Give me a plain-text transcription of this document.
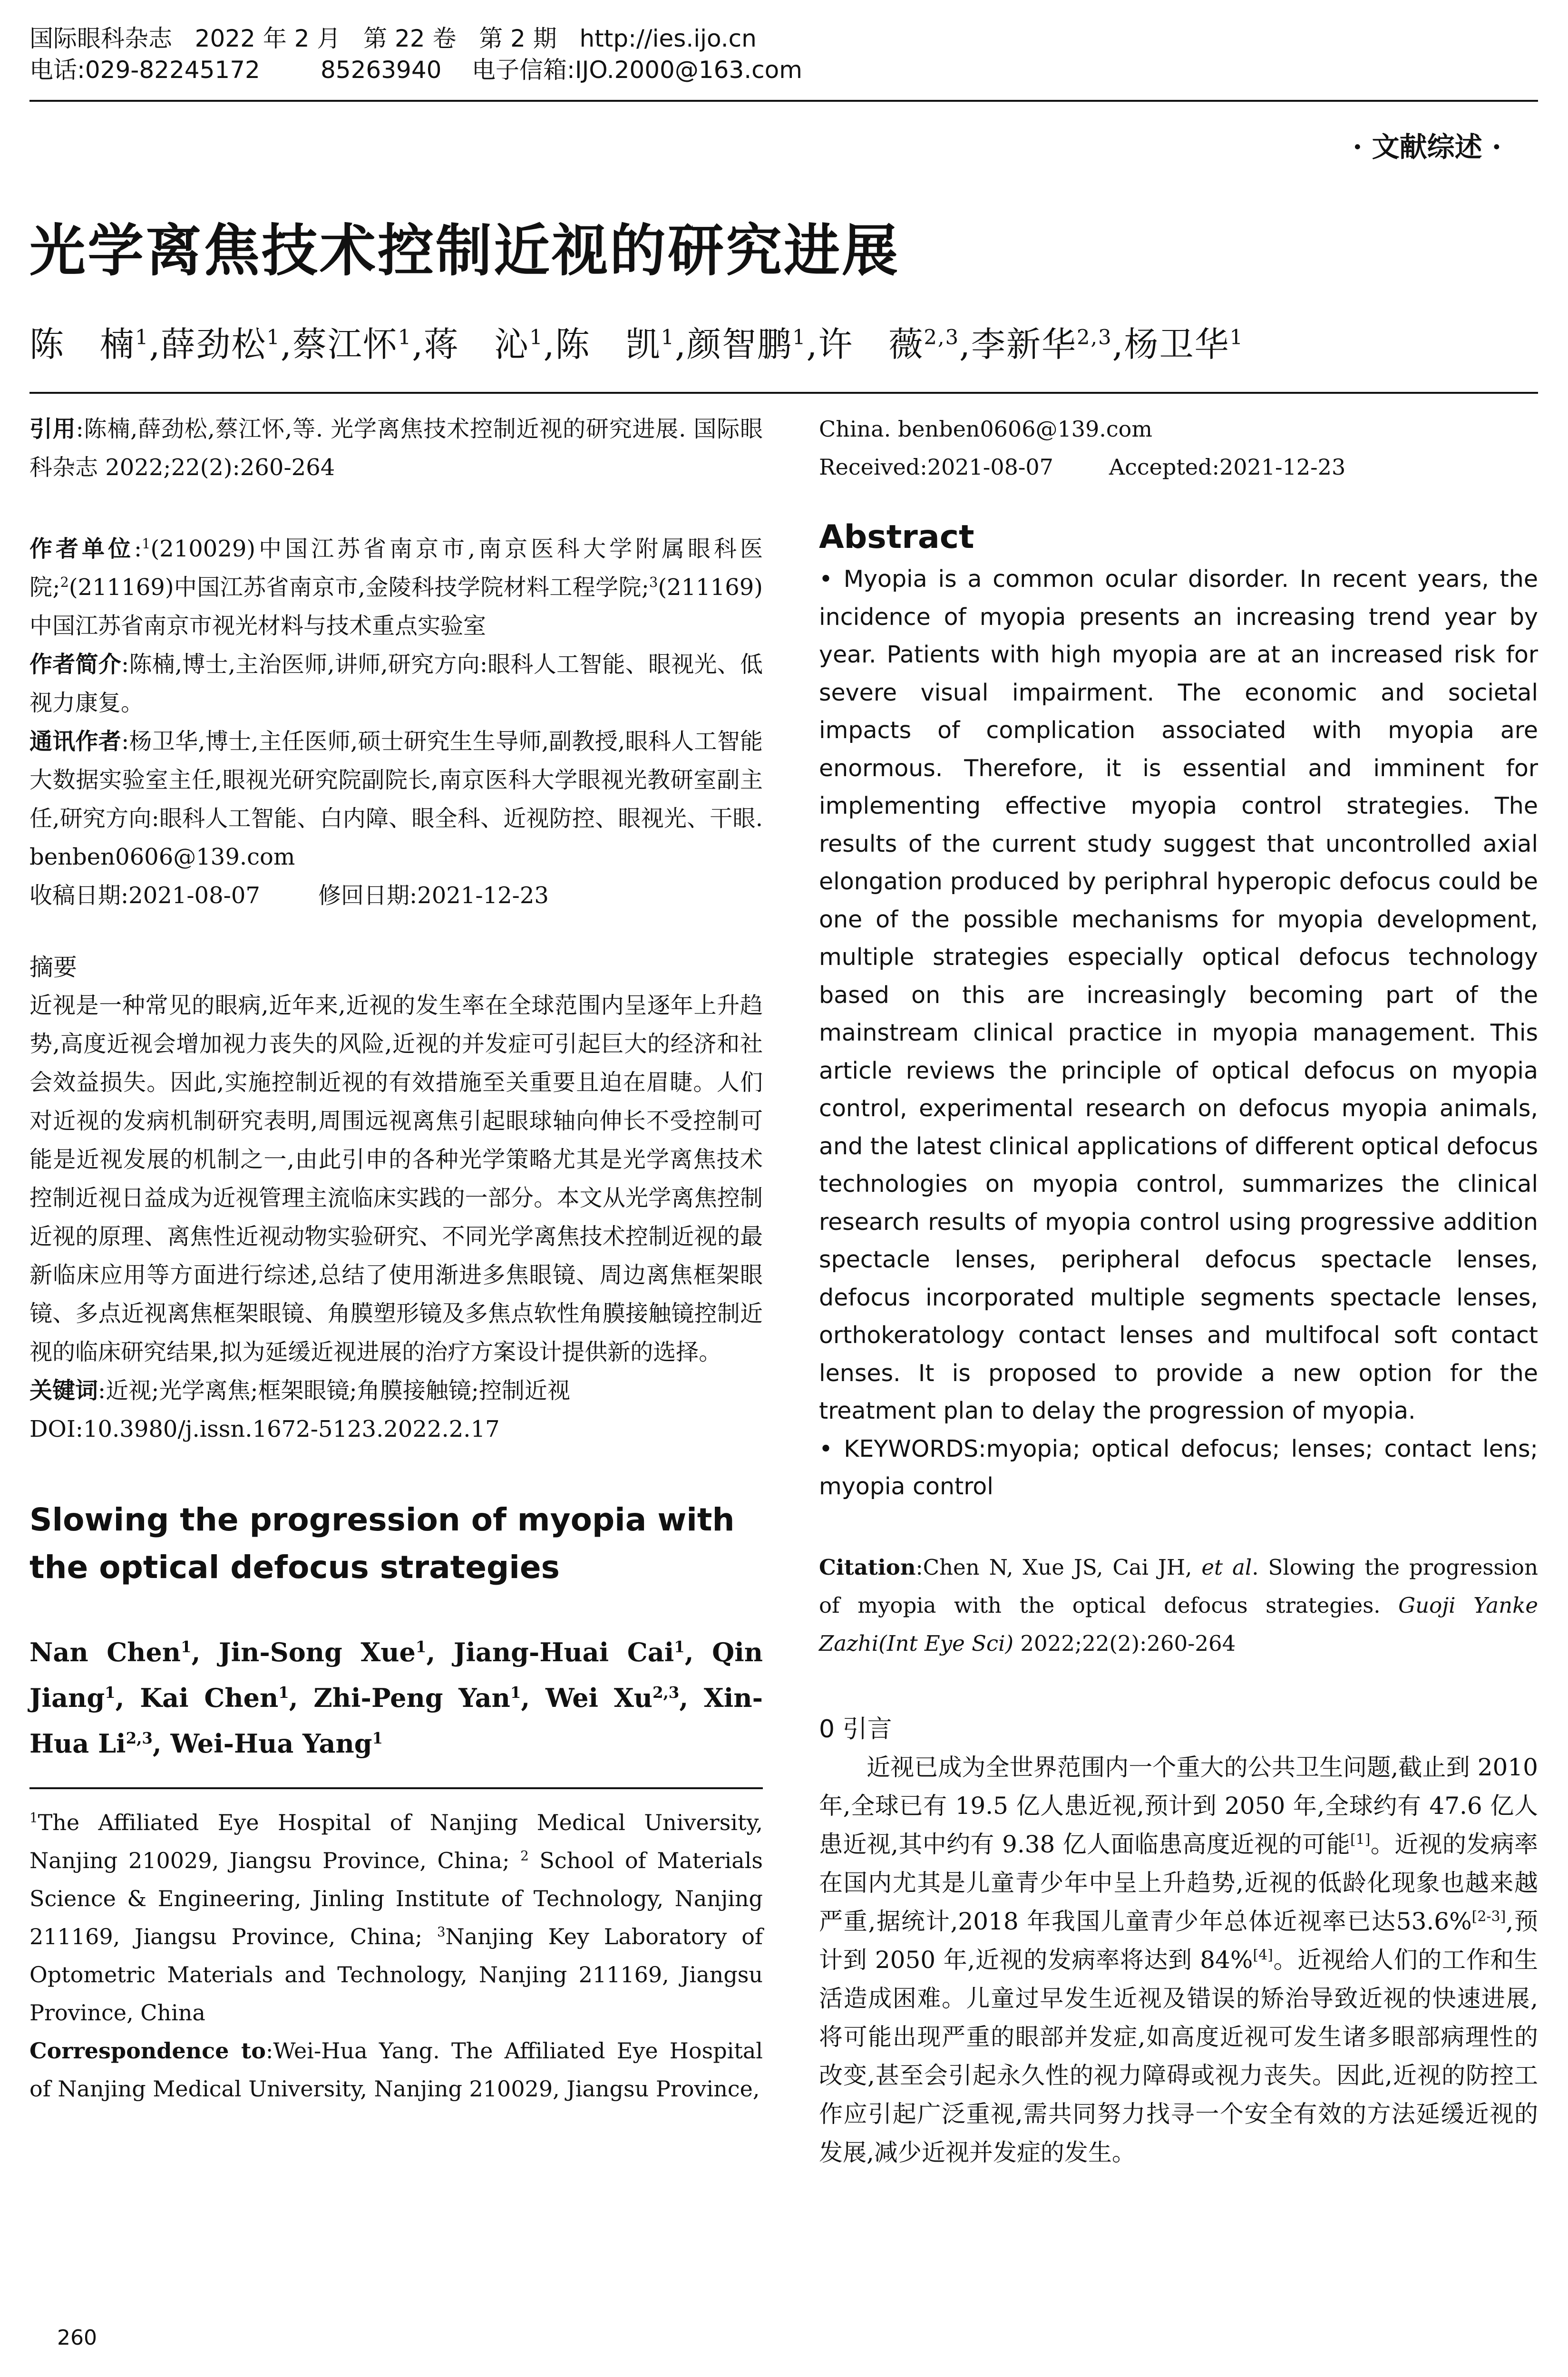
国际眼科杂志   2022 年 2 月   第 22 卷   第 2 期   http://ies.ijo.cn
电话:029-82245172        85263940    电子信箱:IJO.2000@163.com
· 文献综述 ·
光学离焦技术控制近视的研究进展
陈　楠$^1$,薛劲松$^1$,蔡江怀$^1$,蒋　沁$^1$,陈　凯$^1$,颜智鹏$^1$,许　薇$^{2,3}$,李新华$^{2,3}$,杨卫华$^1$
引用:陈楠,薛劲松,蔡江怀,等. 光学离焦技术控制近视的研究进展. 国际眼科杂志 2022;22(2):260-264
作者单位:$^1$(210029)中国江苏省南京市,南京医科大学附属眼科医院;$^2$(211169)中国江苏省南京市,金陵科技学院材料工程学院;$^3$(211169)中国江苏省南京市视光材料与技术重点实验室
作者简介:陈楠,博士,主治医师,讲师,研究方向:眼科人工智能、眼视光、低视力康复。
通讯作者:杨卫华,博士,主任医师,硕士研究生生导师,副教授,眼科人工智能大数据实验室主任,眼视光研究院副院长,南京医科大学眼视光教研室副主任,研究方向:眼科人工智能、白内障、眼全科、近视防控、眼视光、干眼. benben0606@139.com
收稿日期:2021-08-07	修回日期:2021-12-23
摘要
近视是一种常见的眼病,近年来,近视的发生率在全球范围内呈逐年上升趋势,高度近视会增加视力丧失的风险,近视的并发症可引起巨大的经济和社会效益损失。因此,实施控制近视的有效措施至关重要且迫在眉睫。人们对近视的发病机制研究表明,周围远视离焦引起眼球轴向伸长不受控制可能是近视发展的机制之一,由此引申的各种光学策略尤其是光学离焦技术控制近视日益成为近视管理主流临床实践的一部分。本文从光学离焦控制近视的原理、离焦性近视动物实验研究、不同光学离焦技术控制近视的最新临床应用等方面进行综述,总结了使用渐进多焦眼镜、周边离焦框架眼镜、多点近视离焦框架眼镜、角膜塑形镜及多焦点软性角膜接触镜控制近视的临床研究结果,拟为延缓近视进展的治疗方案设计提供新的选择。
关键词:近视;光学离焦;框架眼镜;角膜接触镜;控制近视
DOI:10.3980/j.issn.1672-5123.2022.2.17
Slowing the progression of myopia with the optical defocus strategies
Nan Chen$^1$, Jin-Song Xue$^1$, Jiang-Huai Cai$^1$, Qin Jiang$^1$, Kai Chen$^1$, Zhi-Peng Yan$^1$, Wei Xu$^{2,3}$, Xin-Hua Li$^{2,3}$, Wei-Hua Yang$^1$
$^1$The Affiliated Eye Hospital of Nanjing Medical University, Nanjing 210029, Jiangsu Province, China; $^2$ School of Materials Science & Engineering, Jinling Institute of Technology, Nanjing 211169, Jiangsu Province, China; $^3$Nanjing Key Laboratory of Optometric Materials and Technology, Nanjing 211169, Jiangsu Province, China
Correspondence to:Wei-Hua Yang. The Affiliated Eye Hospital of Nanjing Medical University, Nanjing 210029, Jiangsu Province,
260
China. benben0606@139.com
Received:2021-08-07	Accepted:2021-12-23
Abstract
• Myopia is a common ocular disorder. In recent years, the incidence of myopia presents an increasing trend year by year. Patients with high myopia are at an increased risk for severe visual impairment. The economic and societal impacts of complication associated with myopia are enormous. Therefore, it is essential and imminent for implementing effective myopia control strategies. The results of the current study suggest that uncontrolled axial elongation produced by periphral hyperopic defocus could be one of the possible mechanisms for myopia development, multiple strategies especially optical defocus technology based on this are increasingly becoming part of the mainstream clinical practice in myopia management. This article reviews the principle of optical defocus on myopia control, experimental research on defocus myopia animals, and the latest clinical applications of different optical defocus technologies on myopia control, summarizes the clinical research results of myopia control using progressive addition spectacle lenses, peripheral defocus spectacle lenses, defocus incorporated multiple segments spectacle lenses, orthokeratology contact lenses and multifocal soft contact lenses. It is proposed to provide a new option for the treatment plan to delay the progression of myopia.
• KEYWORDS:myopia; optical defocus; lenses; contact lens; myopia control
Citation:Chen N, Xue JS, Cai JH, et al. Slowing the progression of myopia with the optical defocus strategies. Guoji Yanke Zazhi(Int Eye Sci) 2022;22(2):260-264
0 引言
近视已成为全世界范围内一个重大的公共卫生问题,截止到 2010 年,全球已有 19.5 亿人患近视,预计到 2050 年,全球约有 47.6 亿人患近视,其中约有 9.38 亿人面临患高度近视的可能[1]。近视的发病率在国内尤其是儿童青少年中呈上升趋势,近视的低龄化现象也越来越严重,据统计,2018 年我国儿童青少年总体近视率已达53.6%[2-3],预计到 2050 年,近视的发病率将达到 84%[4]。近视给人们的工作和生活造成困难。儿童过早发生近视及错误的矫治导致近视的快速进展,将可能出现严重的眼部并发症,如高度近视可发生诸多眼部病理性的改变,甚至会引起永久性的视力障碍或视力丧失。因此,近视的防控工作应引起广泛重视,需共同努力找寻一个安全有效的方法延缓近视的发展,减少近视并发症的发生。
